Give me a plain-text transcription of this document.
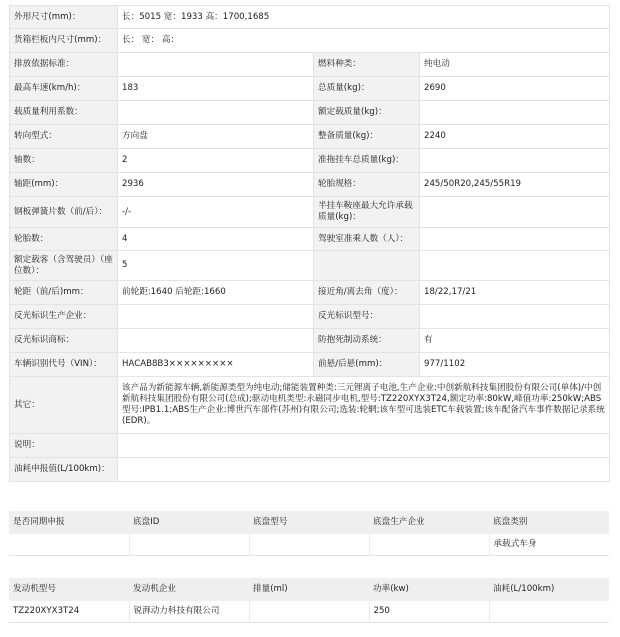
外形尺寸(mm)：	长：5015 宽：1933 高：1700,1685		
货箱栏板内尺寸(mm)：	长： 宽： 高：		
排放依据标准：		燃料种类：	纯电动
最高车速(km/h)：	183	总质量(kg)：	2690
载质量利用系数：		额定载质量(kg)：	
转向型式：	方向盘	整备质量(kg)：	2240
轴数：	2	准拖挂车总质量(kg)：	
轴距(mm)：	2936	轮胎规格：	245/50R20,245/55R19
钢板弹簧片数（前/后）：	-/-	半挂车鞍座最大允许承载质量(kg)：	
轮胎数：	4	驾驶室准乘人数（人）：	
额定载客（含驾驶员）（座位数）：	5		
轮距（前/后)mm：	前轮距:1640 后轮距:1660	接近角/离去角（度）：	18/22,17/21
反光标识生产企业：		反光标识型号：	
反光标识商标：		防抱死制动系统：	有
车辆识别代号（VIN）：	HACAB8B3×××××××××	前悬/后悬(mm)：	977/1102
其它：	该产品为新能源车辆,新能源类型为纯电动;储能装置种类:三元锂离子电池,生产企业:中创新航科技集团股份有限公司(单体)/中创新航科技集团股份有限公司(总成);驱动电机类型:永磁同步电机,型号:TZ220XYX3T24,额定功率:80kW,峰值功率:250kW;ABS型号:IPB1.1;ABS生产企业:博世汽车部件(苏州)有限公司;选装:轮辋;该车型可选装ETC车载装置;该车配备汽车事件数据记录系统(EDR)。		
说明：			
油耗申报值(L/100km)：			
是否同期申报	底盘ID	底盘型号	底盘生产企业	底盘类别
				承载式车身
发动机型号	发动机企业	排量(ml)	功率(kw)	油耗(L/100km)
TZ220XYX3T24	锐湃动力科技有限公司		250	
